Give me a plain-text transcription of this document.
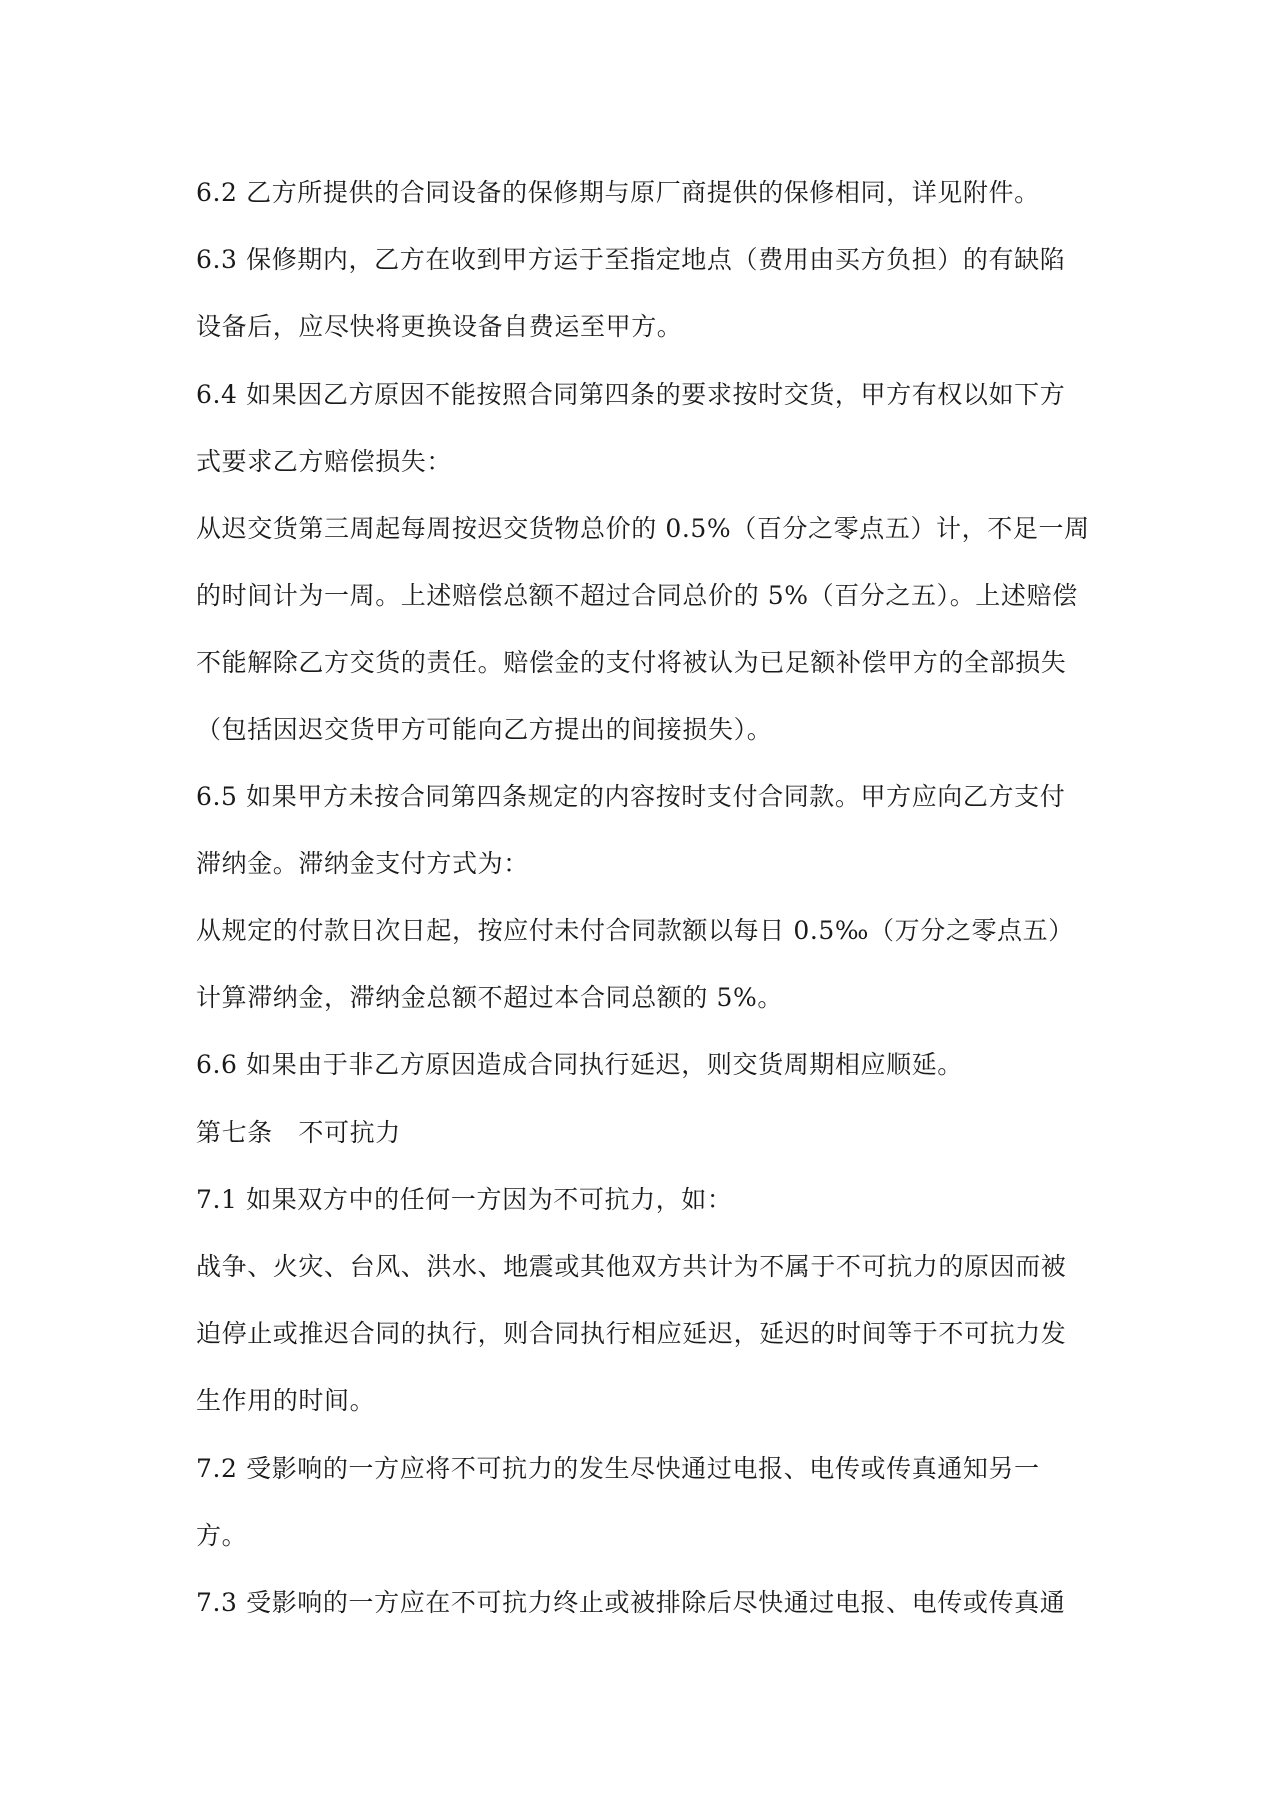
6.2 乙方所提供的合同设备的保修期与原厂商提供的保修相同，详见附件。
6.3 保修期内，乙方在收到甲方运于至指定地点（费用由买方负担）的有缺陷
设备后，应尽快将更换设备自费运至甲方。
6.4 如果因乙方原因不能按照合同第四条的要求按时交货，甲方有权以如下方
式要求乙方赔偿损失：
从迟交货第三周起每周按迟交货物总价的 0.5%（百分之零点五）计，不足一周
的时间计为一周。上述赔偿总额不超过合同总价的 5%（百分之五）。上述赔偿
不能解除乙方交货的责任。赔偿金的支付将被认为已足额补偿甲方的全部损失
（包括因迟交货甲方可能向乙方提出的间接损失）。
6.5 如果甲方未按合同第四条规定的内容按时支付合同款。甲方应向乙方支付
滞纳金。滞纳金支付方式为：
从规定的付款日次日起，按应付未付合同款额以每日 0.5‰（万分之零点五）
计算滞纳金，滞纳金总额不超过本合同总额的 5%。
6.6 如果由于非乙方原因造成合同执行延迟，则交货周期相应顺延。
第七条　不可抗力
7.1 如果双方中的任何一方因为不可抗力，如：
战争、火灾、台风、洪水、地震或其他双方共计为不属于不可抗力的原因而被
迫停止或推迟合同的执行，则合同执行相应延迟，延迟的时间等于不可抗力发
生作用的时间。
7.2 受影响的一方应将不可抗力的发生尽快通过电报、电传或传真通知另一
方。
7.3 受影响的一方应在不可抗力终止或被排除后尽快通过电报、电传或传真通
